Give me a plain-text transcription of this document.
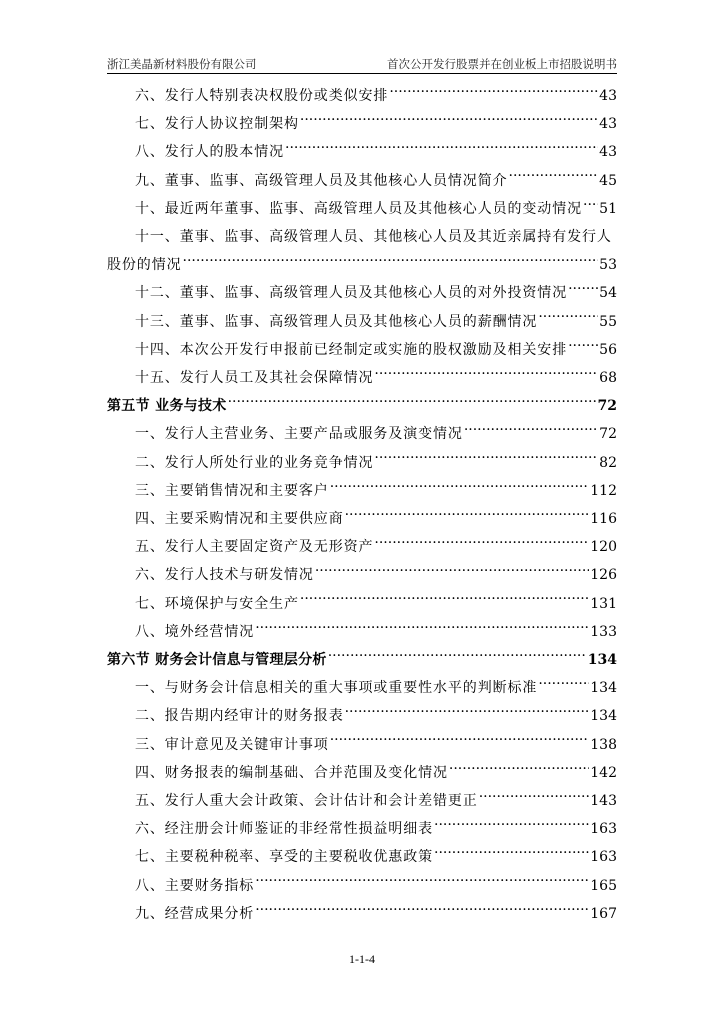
浙江美晶新材料股份有限公司	首次公开发行股票并在创业板上市招股说明书
六、发行人特别表决权股份或类似安排 .....	43
七、发行人协议控制架构 .....	43
八、发行人的股本情况 .....	43
九、董事、监事、高级管理人员及其他核心人员情况简介 .....	45
十、最近两年董事、监事、高级管理人员及其他核心人员的变动情况 ..... 51
十一、董事、监事、高级管理人员、其他核心人员及其近亲属持有发行人
股份的情况 .....	53
十二、董事、监事、高级管理人员及其他核心人员的对外投资情况 ..... 54
十三、董事、监事、高级管理人员及其他核心人员的薪酬情况 .....	55
十四、本次公开发行申报前已经制定或实施的股权激励及相关安排 ..... 56
十五、发行人员工及其社会保障情况 .....	68
第五节 业务与技术 .....	72
一、发行人主营业务、主要产品或服务及演变情况 .....	72
二、发行人所处行业的业务竞争情况 .....	82
三、主要销售情况和主要客户 .....	112
四、主要采购情况和主要供应商 .....	116
五、发行人主要固定资产及无形资产 .....	120
六、发行人技术与研发情况 .....	126
七、环境保护与安全生产 .....	131
八、境外经营情况 .....	133
第六节 财务会计信息与管理层分析 .....	134
一、与财务会计信息相关的重大事项或重要性水平的判断标准 .....	134
二、报告期内经审计的财务报表 .....	134
三、审计意见及关键审计事项 .....	138
四、财务报表的编制基础、合并范围及变化情况 .....	142
五、发行人重大会计政策、会计估计和会计差错更正 .....	143
六、经注册会计师鉴证的非经常性损益明细表 .....	163
七、主要税种税率、享受的主要税收优惠政策 .....	163
八、主要财务指标 .....	165
九、经营成果分析 .....	167
1-1-4
